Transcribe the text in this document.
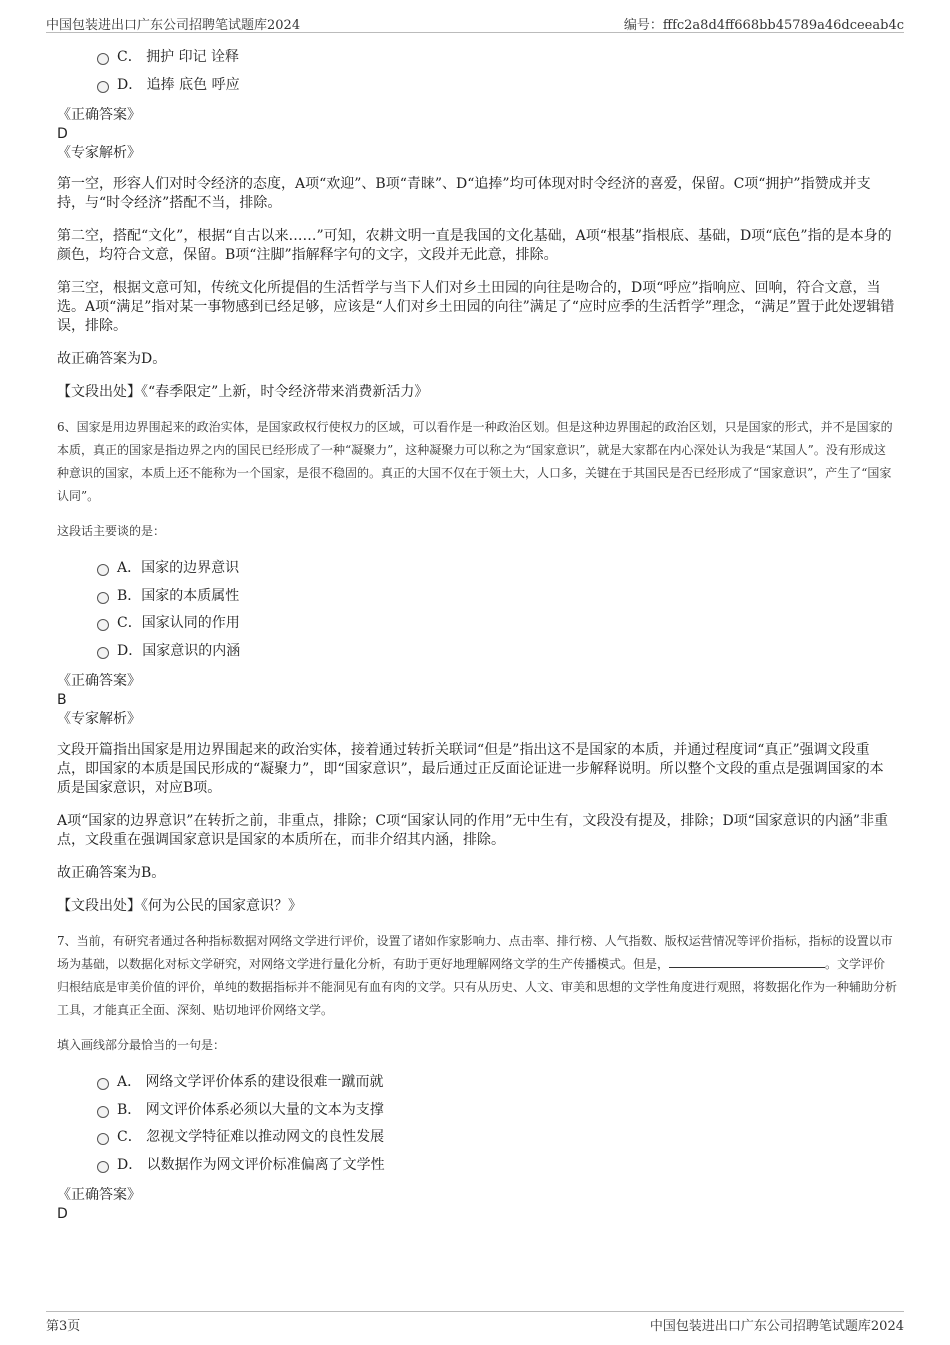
中国包装进出口广东公司招聘笔试题库2024	编号：fffc2a8d4ff668bb45789a46dceeab4c
C． 拥护 印记 诠释
D． 追捧 底色 呼应
《正确答案》
D
《专家解析》

第一空，形容人们对时令经济的态度，A项“欢迎”、B项“青睐”、D“追捧”均可体现对时令经济的喜爱，保留。C项“拥护”指赞成并支持，与“时令经济”搭配不当，排除。

第二空，搭配“文化”，根据“自古以来……”可知，农耕文明一直是我国的文化基础，A项“根基”指根底、基础，D项“底色”指的是本身的颜色，均符合文意，保留。B项“注脚”指解释字句的文字，文段并无此意，排除。

第三空，根据文意可知，传统文化所提倡的生活哲学与当下人们对乡土田园的向往是吻合的，D项“呼应”指响应、回响，符合文意，当选。A项“满足”指对某一事物感到已经足够，应该是“人们对乡土田园的向往”满足了“应时应季的生活哲学”理念，“满足”置于此处逻辑错误，排除。

故正确答案为D。

【文段出处】《“春季限定”上新，时令经济带来消费新活力》

6、国家是用边界围起来的政治实体，是国家政权行使权力的区域，可以看作是一种政治区划。但是这种边界围起的政治区划，只是国家的形式，并不是国家的本质，真正的国家是指边界之内的国民已经形成了一种“凝聚力”，这种凝聚力可以称之为“国家意识”，就是大家都在内心深处认为我是“某国人”。没有形成这种意识的国家，本质上还不能称为一个国家，是很不稳固的。真正的大国不仅在于领土大，人口多，关键在于其国民是否已经形成了“国家意识”，产生了“国家认同”。

这段话主要谈的是：

A．国家的边界意识
B．国家的本质属性
C．国家认同的作用
D．国家意识的内涵
《正确答案》
B
《专家解析》

文段开篇指出国家是用边界围起来的政治实体，接着通过转折关联词“但是”指出这不是国家的本质，并通过程度词“真正”强调文段重点，即国家的本质是国民形成的“凝聚力”，即“国家意识”，最后通过正反面论证进一步解释说明。所以整个文段的重点是强调国家的本质是国家意识，对应B项。

A项“国家的边界意识”在转折之前，非重点，排除；C项“国家认同的作用”无中生有，文段没有提及，排除；D项“国家意识的内涵”非重点，文段重在强调国家意识是国家的本质所在，而非介绍其内涵，排除。

故正确答案为B。

【文段出处】《何为公民的国家意识？》

7、当前，有研究者通过各种指标数据对网络文学进行评价，设置了诸如作家影响力、点击率、排行榜、人气指数、版权运营情况等评价指标，指标的设置以市场为基础，以数据化对标文学研究，对网络文学进行量化分析，有助于更好地理解网络文学的生产传播模式。但是，	。文学评价归根结底是审美价值的评价，单纯的数据指标并不能洞见有血有肉的文学。只有从历史、人文、审美和思想的文学性角度进行观照，将数据化作为一种辅助分析工具，才能真正全面、深刻、贴切地评价网络文学。

填入画线部分最恰当的一句是：

A． 网络文学评价体系的建设很难一蹴而就
B． 网文评价体系必须以大量的文本为支撑
C． 忽视文学特征难以推动网文的良性发展
D． 以数据作为网文评价标准偏离了文学性
《正确答案》
D
第3页	中国包装进出口广东公司招聘笔试题库2024
